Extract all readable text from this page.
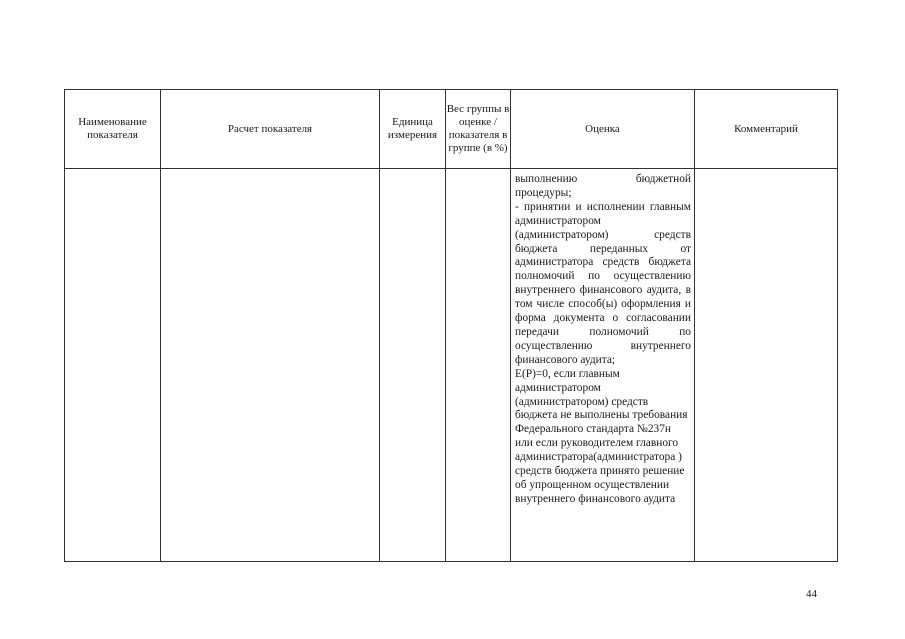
Наименование показателя	Расчет показателя	Единица измерения	Вес группы в оценке / показателя в группе (в %)	Оценка	Комментарий

				выполнению бюджетной процедуры;

- принятии и исполнении главным администратором (администратором) средств бюджета переданных от администратора средств бюджета полномочий по осуществлению внутреннего финансового аудита, в том числе способ(ы) оформления и форма документа о согласовании передачи полномочий по осуществлению внутреннего финансового аудита;

E(P)=0, если главным администратором (администратором) средств бюджета не выполнены требования Федерального стандарта №237н или если руководителем главного администратора(администратора ) средств бюджета принято решение об упрощенном осуществлении внутреннего финансового аудита	

44
